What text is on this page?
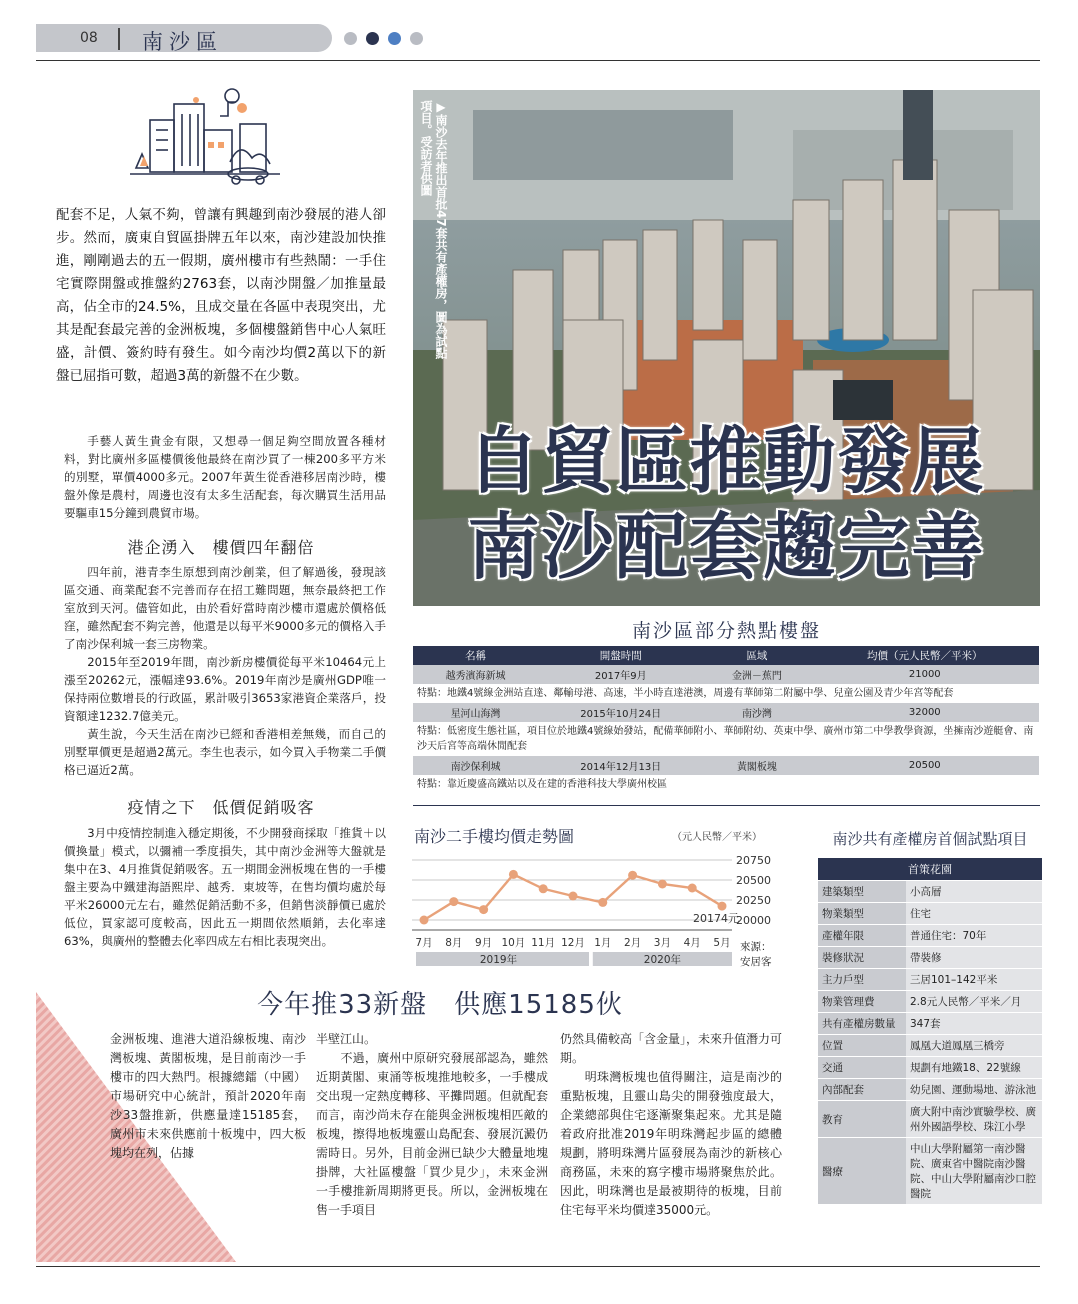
08 南沙區
配套不足，人氣不夠，曾讓有興趣到南沙發展的港人卻步。然而，廣東自貿區掛牌五年以來，南沙建設加快推進，剛剛過去的五一假期，廣州樓市有些熱鬧：一手住宅實際開盤或推盤約2763套，以南沙開盤／加推量最高，佔全市的24.5%，且成交量在各區中表現突出，尤其是配套最完善的金洲板塊，多個樓盤銷售中心人氣旺盛，計價、簽約時有發生。如今南沙均價2萬以下的新盤已屈指可數，超過3萬的新盤不在少數。
手藝人黃生貴金有限，又想尋一個足夠空間放置各種材料，對比廣州多區樓價後他最終在南沙買了一棟200多平方米的別墅，單價4000多元。2007年黃生從香港移居南沙時，樓盤外像是農村，周邊也沒有太多生活配套，每次購買生活用品要驅車15分鐘到農貿市場。
港企湧入　樓價四年翻倍
四年前，港青李生原想到南沙創業，但了解過後，發現該區交通、商業配套不完善而存在招工難問題，無奈最終把工作室放到天河。儘管如此，由於看好當時南沙樓市還處於價格低窪，雖然配套不夠完善，他還是以每平米9000多元的價格入手了南沙保利城一套三房物業。
2015年至2019年間，南沙新房樓價從每平米10464元上漲至20262元，漲幅達93.6%。2019年南沙是廣州GDP唯一保持兩位數增長的行政區，累計吸引3653家港資企業落戶，投資額達1232.7億美元。
黃生說，今天生活在南沙已經和香港相差無幾，而自己的別墅單價更是超過2萬元。李生也表示，如今買入手物業二手價格已逼近2萬。
疫情之下　低價促銷吸客
3月中疫情控制進入穩定期後，不少開發商採取「推貨＋以價換量」模式，以彌補一季度損失，其中南沙金洲等大盤就是集中在3、4月推貨促銷吸客。五一期間金洲板塊在售的一手樓盤主要為中鐵建海語熙岸、越秀．東坡等，在售均價均處於每平米26000元左右，雖然促銷活動不多，但銷售淡靜價已處於低位，買家認可度較高，因此五一期間依然順銷，去化率達63%，與廣州的整體去化率四成左右相比表現突出。
▶南沙去年推出首批47套共有產權房，圖為試點項目。受訪者供圖
自貿區推動發展
南沙配套趨完善
南沙區部分熱點樓盤
名稱	開盤時間	區域	均價（元人民幣／平米）
越秀濱海新城	2017年9月	金洲－蕉門	21000
特點：地鐵4號線金洲站直達、鄰輸母港、高速，半小時直達港澳，周邊有華師第二附屬中學、兒童公園及青少年宮等配套			
星河山海灣	2015年10月24日	南沙灣	32000
特點：低密度生態社區，項目位於地鐵4號線始發站，配備華師附小、華師附幼、英東中學、廣州市第二中學教學資源，坐擁南沙遊艇會、南沙天后宮等高端休閒配套			
南沙保利城	2014年12月13日	黃閣板塊	20500
特點：靠近慶盛高鐵站以及在建的香港科技大學廣州校區			
南沙二手樓均價走勢圖	（元人民幣／平米）
20750
20500
20250
20000
7月 8月 9月 10月 11月 12月 1月 2月 3月 4月 5月
20174元
2019年	2020年
來源：安居客
南沙共有產權房首個試點項目
首策花園	
建築類型	小高層
物業類型	住宅
產權年限	普通住宅：70年
裝修狀況	帶裝修
主力戶型	三居101–142平米
物業管理費	2.8元人民幣／平米／月
共有產權房數量	347套
位置	鳳凰大道鳳凰三橋旁
交通	規劃有地鐵18、22號線
內部配套	幼兒園、運動場地、游泳池
教育	廣大附中南沙實驗學校、廣州外國語學校、珠江小學
醫療	中山大學附屬第一南沙醫院、廣東省中醫院南沙醫院、中山大學附屬南沙口腔醫院
今年推33新盤　供應15185伙
金洲板塊、進港大道沿線板塊、南沙灣板塊、黃閣板塊，是目前南沙一手樓市的四大熱門。根據總鐳（中國）市場研究中心統計，預計2020年南沙33盤推新，供應量達15185套，廣州市未來供應前十板塊中，四大板塊均在列，佔據
半壁江山。
　　不過，廣州中原研究發展部認為，雖然近期黃閣、東涌等板塊推地較多，一手樓成交出現一定熱度轉移、平攤問題。但就配套而言，南沙尚未存在能與金洲板塊相匹敵的板塊，擦得地板塊靈山島配套、發展沉澱仍需時日。另外，目前金洲已缺少大體量地塊掛牌，大社區樓盤「買少見少」，未來金洲一手樓推新周期將更長。所以，金洲板塊在售一手項目
仍然具備較高「含金量」，未來升值潛力可期。
　　明珠灣板塊也值得關注，這是南沙的重點板塊，且靈山島尖的開發強度最大，企業總部與住宅逐漸聚集起來。尤其是隨着政府批准2019年明珠灣起步區的總體規劃，將明珠灣片區發展為南沙的新核心商務區，未來的寫字樓市場將聚焦於此。因此，明珠灣也是最被期待的板塊，目前住宅每平米均價達35000元。
